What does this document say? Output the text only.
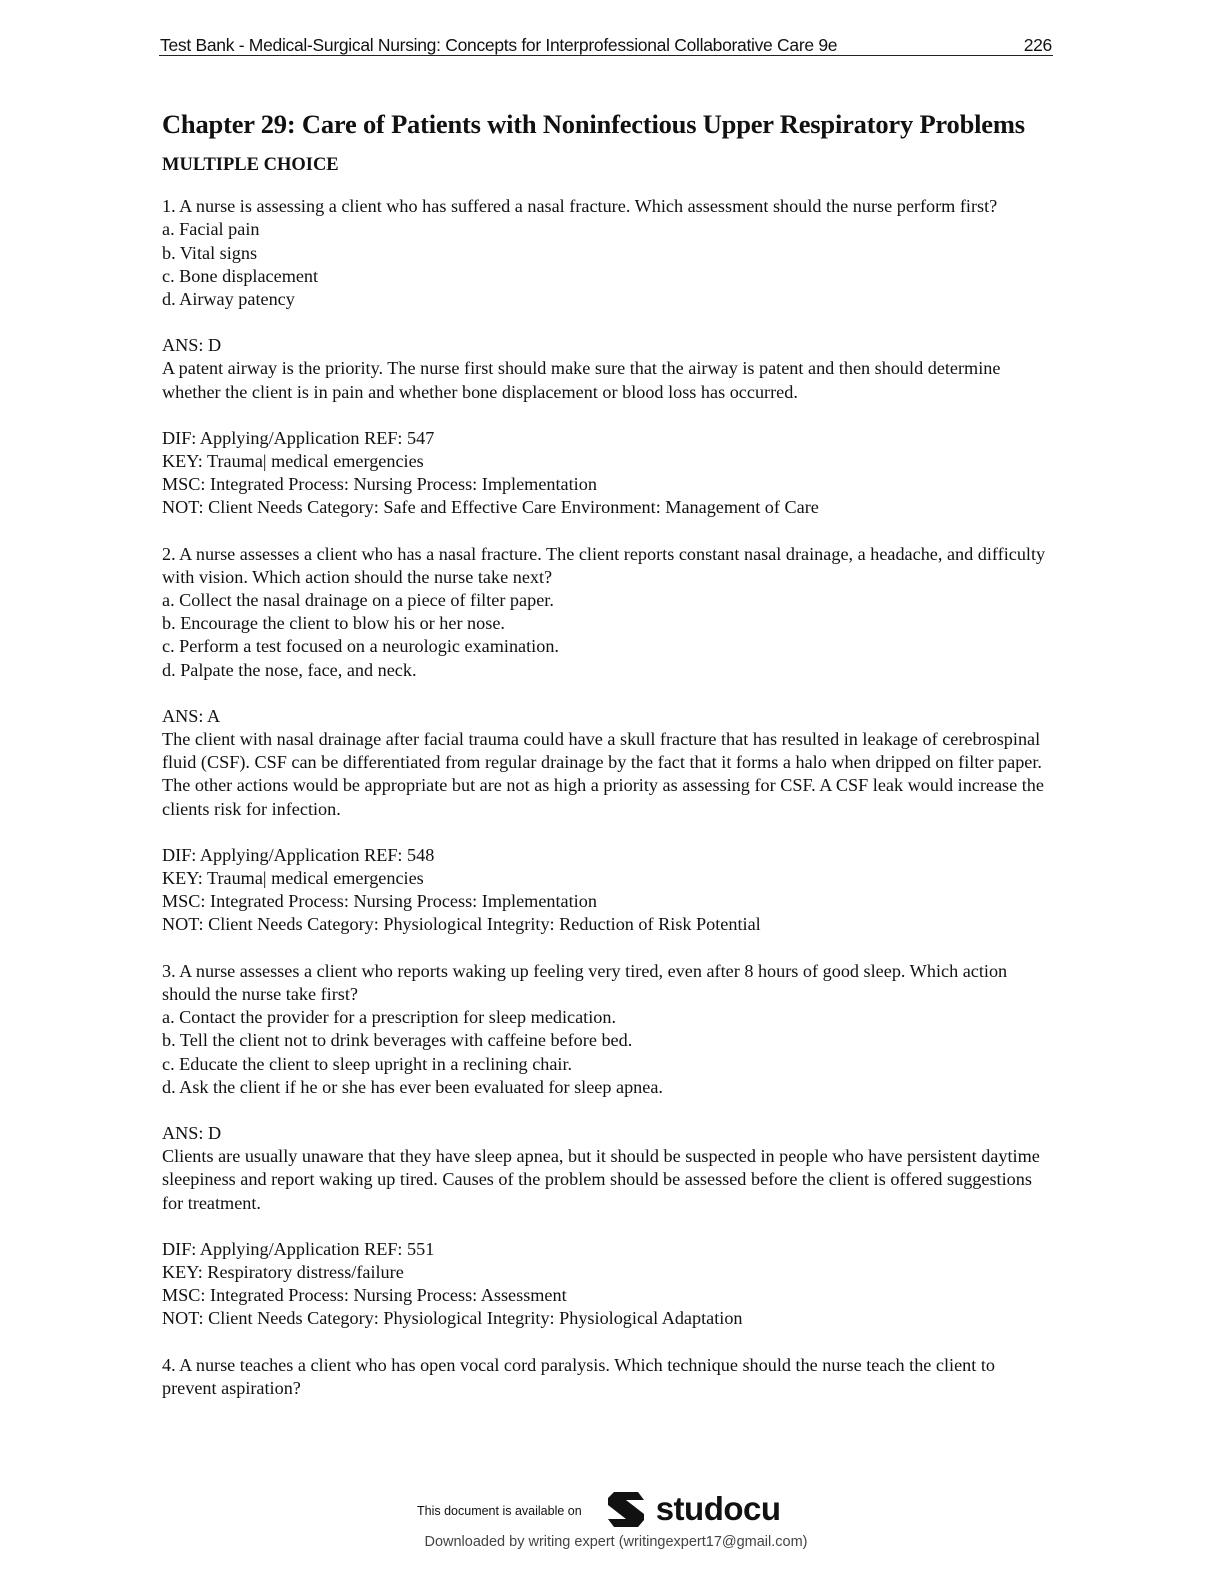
Test Bank - Medical-Surgical Nursing: Concepts for Interprofessional Collaborative Care 9e	226
Chapter 29: Care of Patients with Noninfectious Upper Respiratory Problems
MULTIPLE CHOICE

1. A nurse is assessing a client who has suffered a nasal fracture. Which assessment should the nurse perform first?

a. Facial pain

b. Vital signs

c. Bone displacement

d. Airway patency

ANS: D

A patent airway is the priority. The nurse first should make sure that the airway is patent and then should determine whether the client is in pain and whether bone displacement or blood loss has occurred.

DIF: Applying/Application REF: 547

KEY: Trauma| medical emergencies

MSC: Integrated Process: Nursing Process: Implementation

NOT: Client Needs Category: Safe and Effective Care Environment: Management of Care

2. A nurse assesses a client who has a nasal fracture. The client reports constant nasal drainage, a headache, and difficulty with vision. Which action should the nurse take next?

a. Collect the nasal drainage on a piece of filter paper.

b. Encourage the client to blow his or her nose.

c. Perform a test focused on a neurologic examination.

d. Palpate the nose, face, and neck.

ANS: A

The client with nasal drainage after facial trauma could have a skull fracture that has resulted in leakage of cerebrospinal fluid (CSF). CSF can be differentiated from regular drainage by the fact that it forms a halo when dripped on filter paper. The other actions would be appropriate but are not as high a priority as assessing for CSF. A CSF leak would increase the clients risk for infection.

DIF: Applying/Application REF: 548

KEY: Trauma| medical emergencies

MSC: Integrated Process: Nursing Process: Implementation

NOT: Client Needs Category: Physiological Integrity: Reduction of Risk Potential

3. A nurse assesses a client who reports waking up feeling very tired, even after 8 hours of good sleep. Which action should the nurse take first?

a. Contact the provider for a prescription for sleep medication.

b. Tell the client not to drink beverages with caffeine before bed.

c. Educate the client to sleep upright in a reclining chair.

d. Ask the client if he or she has ever been evaluated for sleep apnea.

ANS: D

Clients are usually unaware that they have sleep apnea, but it should be suspected in people who have persistent daytime sleepiness and report waking up tired. Causes of the problem should be assessed before the client is offered suggestions for treatment.

DIF: Applying/Application REF: 551

KEY: Respiratory distress/failure

MSC: Integrated Process: Nursing Process: Assessment

NOT: Client Needs Category: Physiological Integrity: Physiological Adaptation

4. A nurse teaches a client who has open vocal cord paralysis. Which technique should the nurse teach the client to prevent aspiration?

This document is available on studocu
Downloaded by writing expert (writingexpert17@gmail.com)
